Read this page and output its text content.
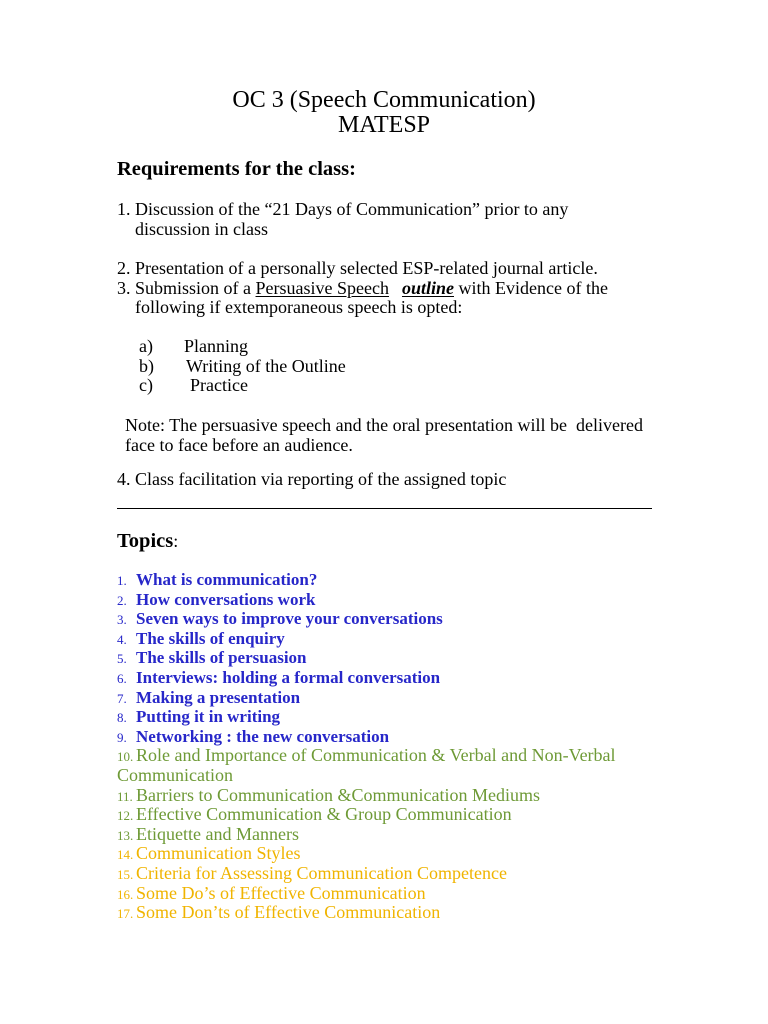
OC 3 (Speech Communication)
MATESP
Requirements for the class:
1. Discussion of the “21 Days of Communication” prior to any
discussion in class
2. Presentation of a personally selected ESP-related journal article.
3. Submission of a Persuasive Speech outline with Evidence of the
following if extemporaneous speech is opted:
a) Planning
b) Writing of the Outline
c) Practice
Note: The persuasive speech and the oral presentation will be  delivered
face to face before an audience.
4. Class facilitation via reporting of the assigned topic
Topics:
1. What is communication?
2. How conversations work
3. Seven ways to improve your conversations
4. The skills of enquiry
5. The skills of persuasion
6. Interviews: holding a formal conversation
7. Making a presentation
8. Putting it in writing
9. Networking : the new conversation
10. Role and Importance of Communication & Verbal and Non-Verbal Communication
11. Barriers to Communication &Communication Mediums
12. Effective Communication & Group Communication
13. Etiquette and Manners
14. Communication Styles
15. Criteria for Assessing Communication Competence
16. Some Do’s of Effective Communication
17. Some Don’ts of Effective Communication
